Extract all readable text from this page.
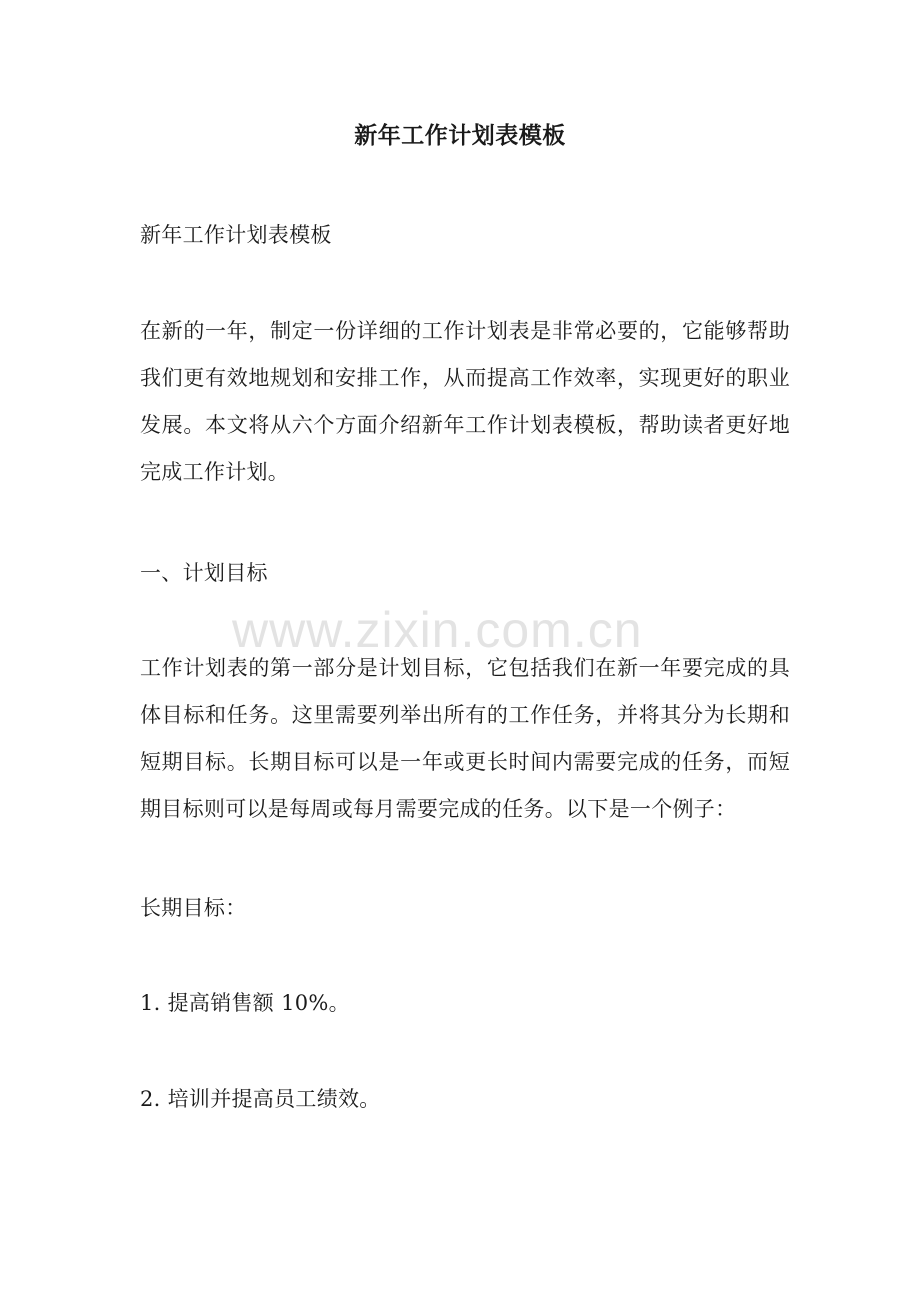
www.zixin.com.cn
新年工作计划表模板
新年工作计划表模板
在新的一年，制定一份详细的工作计划表是非常必要的，它能够帮助我们更有效地规划和安排工作，从而提高工作效率，实现更好的职业发展。本文将从六个方面介绍新年工作计划表模板，帮助读者更好地完成工作计划。
一、计划目标
工作计划表的第一部分是计划目标，它包括我们在新一年要完成的具体目标和任务。这里需要列举出所有的工作任务，并将其分为长期和短期目标。长期目标可以是一年或更长时间内需要完成的任务，而短期目标则可以是每周或每月需要完成的任务。以下是一个例子：
长期目标：
1. 提高销售额 10%。
2. 培训并提高员工绩效。
